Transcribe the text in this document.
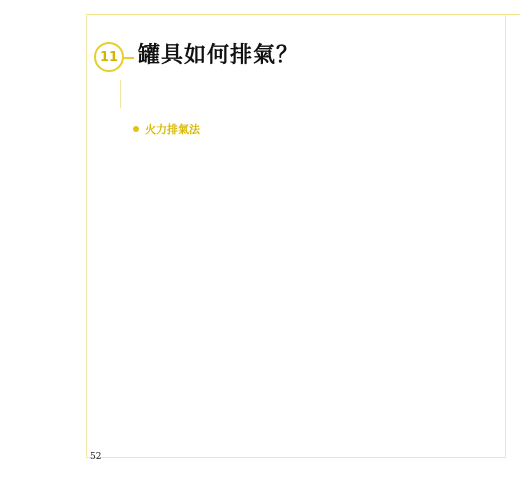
11 罐具如何排氣？
火力排氣法

52
